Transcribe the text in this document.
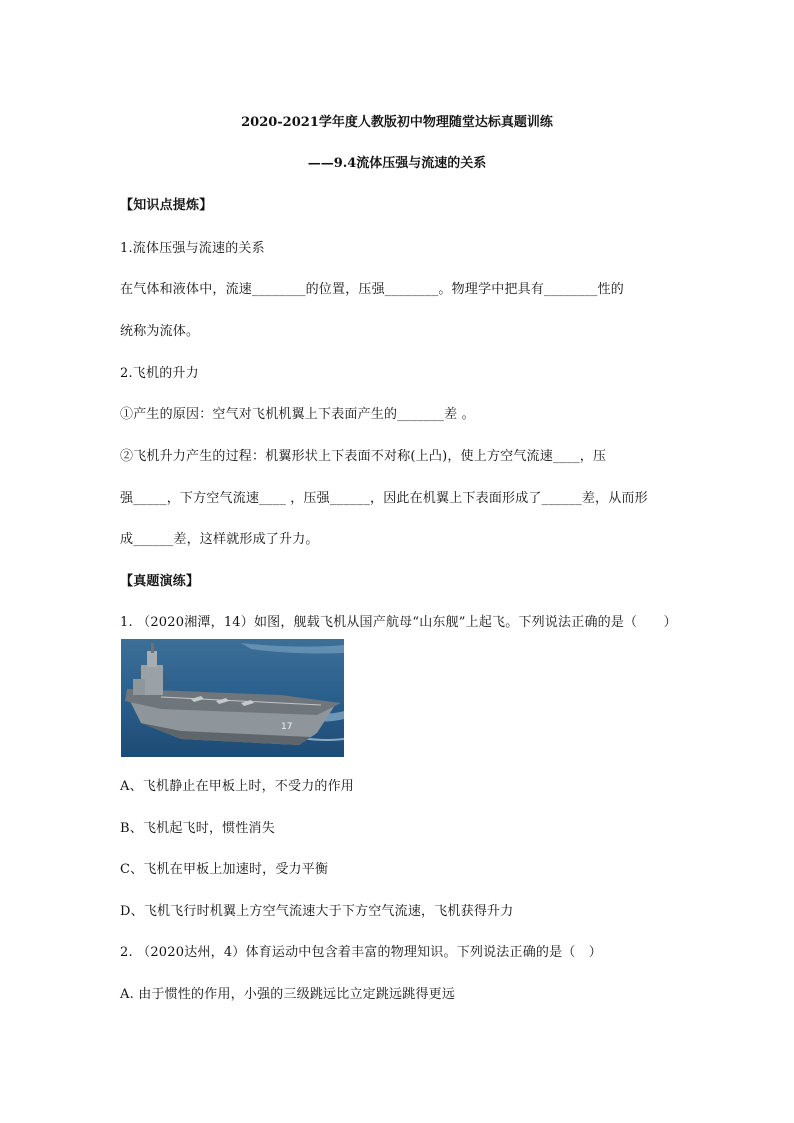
2020-2021学年度人教版初中物理随堂达标真题训练
——9.4流体压强与流速的关系
【知识点提炼】
1.流体压强与流速的关系
在气体和液体中，流速________的位置，压强________。物理学中把具有________性的
统称为流体。
2.飞机的升力
①产生的原因：空气对飞机机翼上下表面产生的_______差 。
②飞机升力产生的过程：机翼形状上下表面不对称(上凸)，使上方空气流速____，压
强_____，下方空气流速____ ，压强______，因此在机翼上下表面形成了______差，从而形
成______差，这样就形成了升力。
【真题演练】
1. （2020湘潭，14）如图，舰载飞机从国产航母“山东舰”上起飞。下列说法正确的是（　　）
17
A、飞机静止在甲板上时，不受力的作用
B、飞机起飞时，惯性消失
C、飞机在甲板上加速时，受力平衡
D、飞机飞行时机翼上方空气流速大于下方空气流速，飞机获得升力
2. （2020达州，4）体育运动中包含着丰富的物理知识。下列说法正确的是（　）
A. 由于惯性的作用，小强的三级跳远比立定跳远跳得更远
